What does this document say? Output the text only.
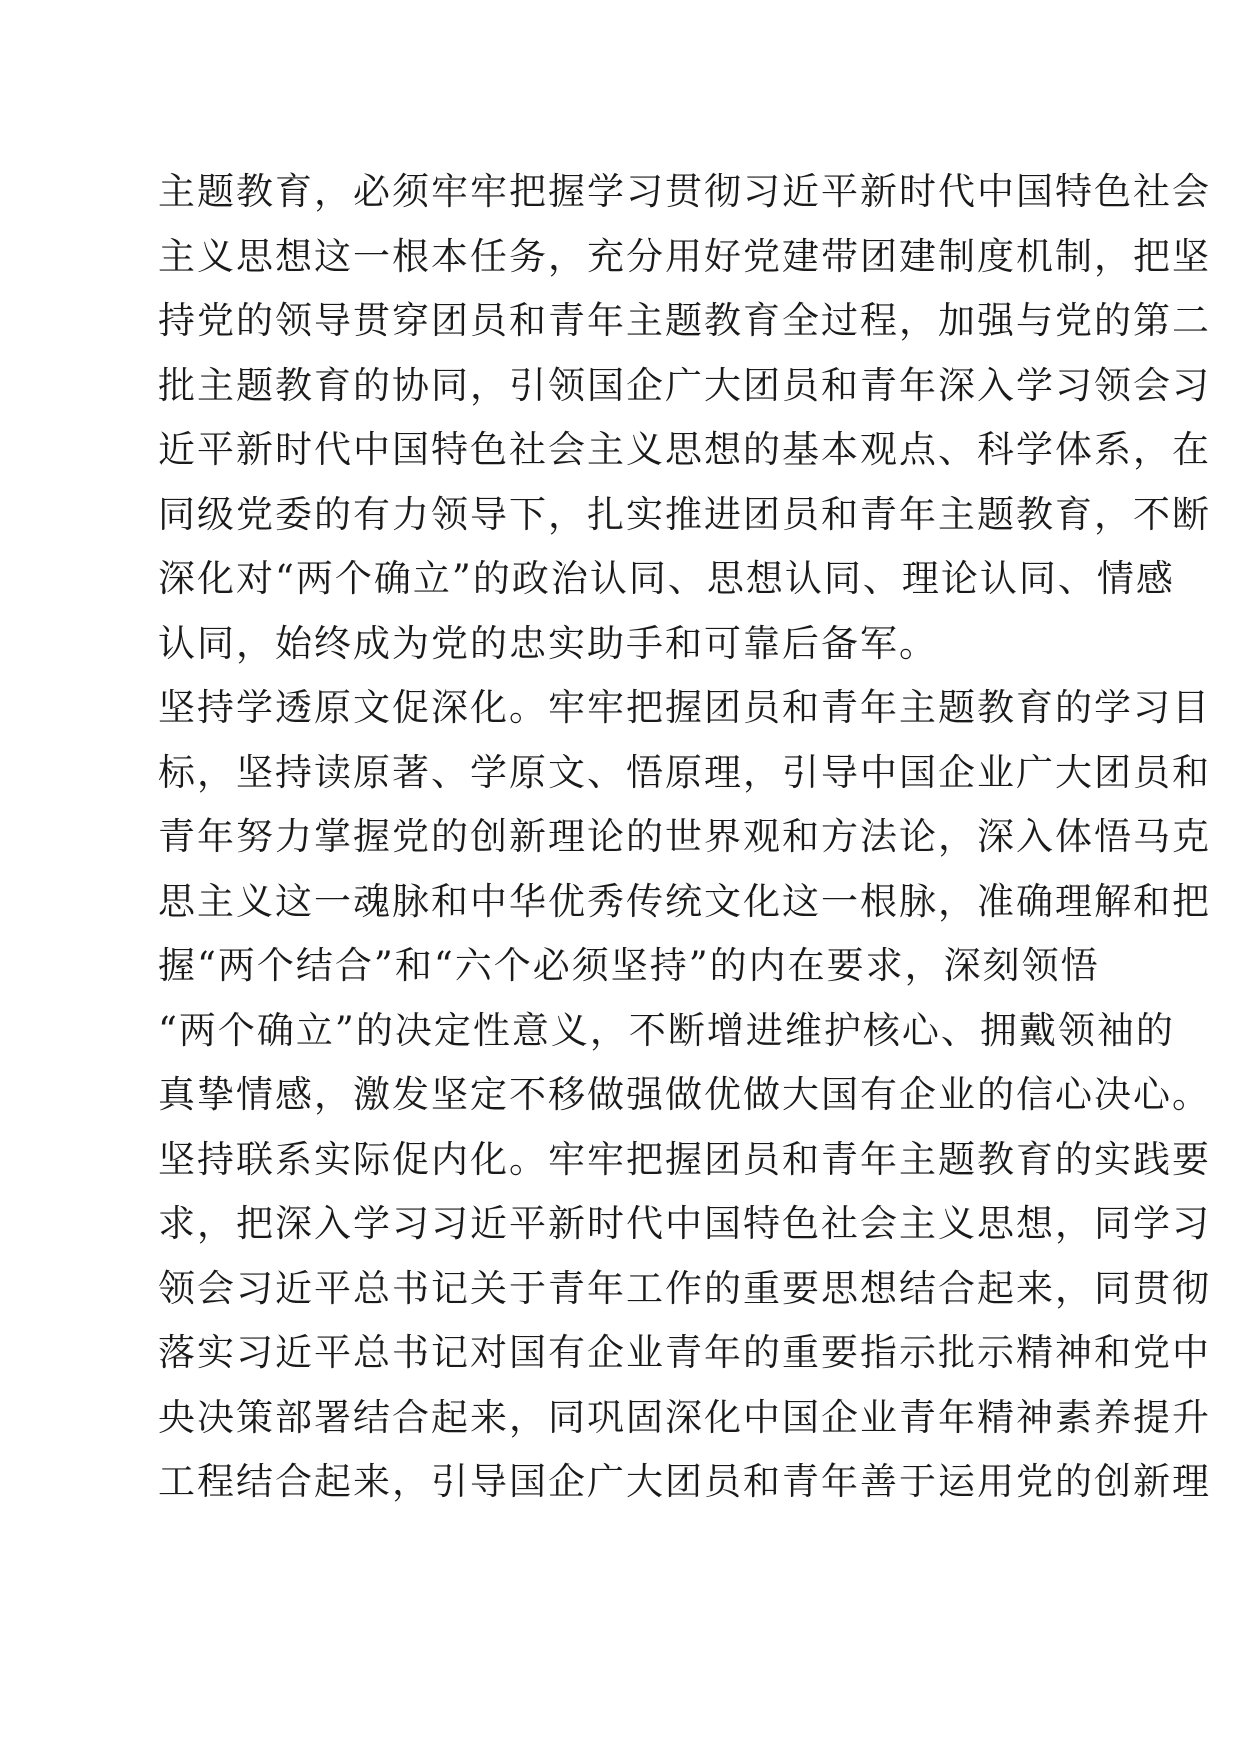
主题教育，必须牢牢把握学习贯彻习近平新时代中国特色社会
主义思想这一根本任务，充分用好党建带团建制度机制，把坚
持党的领导贯穿团员和青年主题教育全过程，加强与党的第二
批主题教育的协同，引领国企广大团员和青年深入学习领会习
近平新时代中国特色社会主义思想的基本观点、科学体系，在
同级党委的有力领导下，扎实推进团员和青年主题教育，不断
深化对“两个确立”的政治认同、思想认同、理论认同、情感
认同，始终成为党的忠实助手和可靠后备军。
坚持学透原文促深化。牢牢把握团员和青年主题教育的学习目
标，坚持读原著、学原文、悟原理，引导中国企业广大团员和
青年努力掌握党的创新理论的世界观和方法论，深入体悟马克
思主义这一魂脉和中华优秀传统文化这一根脉，准确理解和把
握“两个结合”和“六个必须坚持”的内在要求，深刻领悟
“两个确立”的决定性意义，不断增进维护核心、拥戴领袖的
真挚情感，激发坚定不移做强做优做大国有企业的信心决心。
坚持联系实际促内化。牢牢把握团员和青年主题教育的实践要
求，把深入学习习近平新时代中国特色社会主义思想，同学习
领会习近平总书记关于青年工作的重要思想结合起来，同贯彻
落实习近平总书记对国有企业青年的重要指示批示精神和党中
央决策部署结合起来，同巩固深化中国企业青年精神素养提升
工程结合起来，引导国企广大团员和青年善于运用党的创新理
